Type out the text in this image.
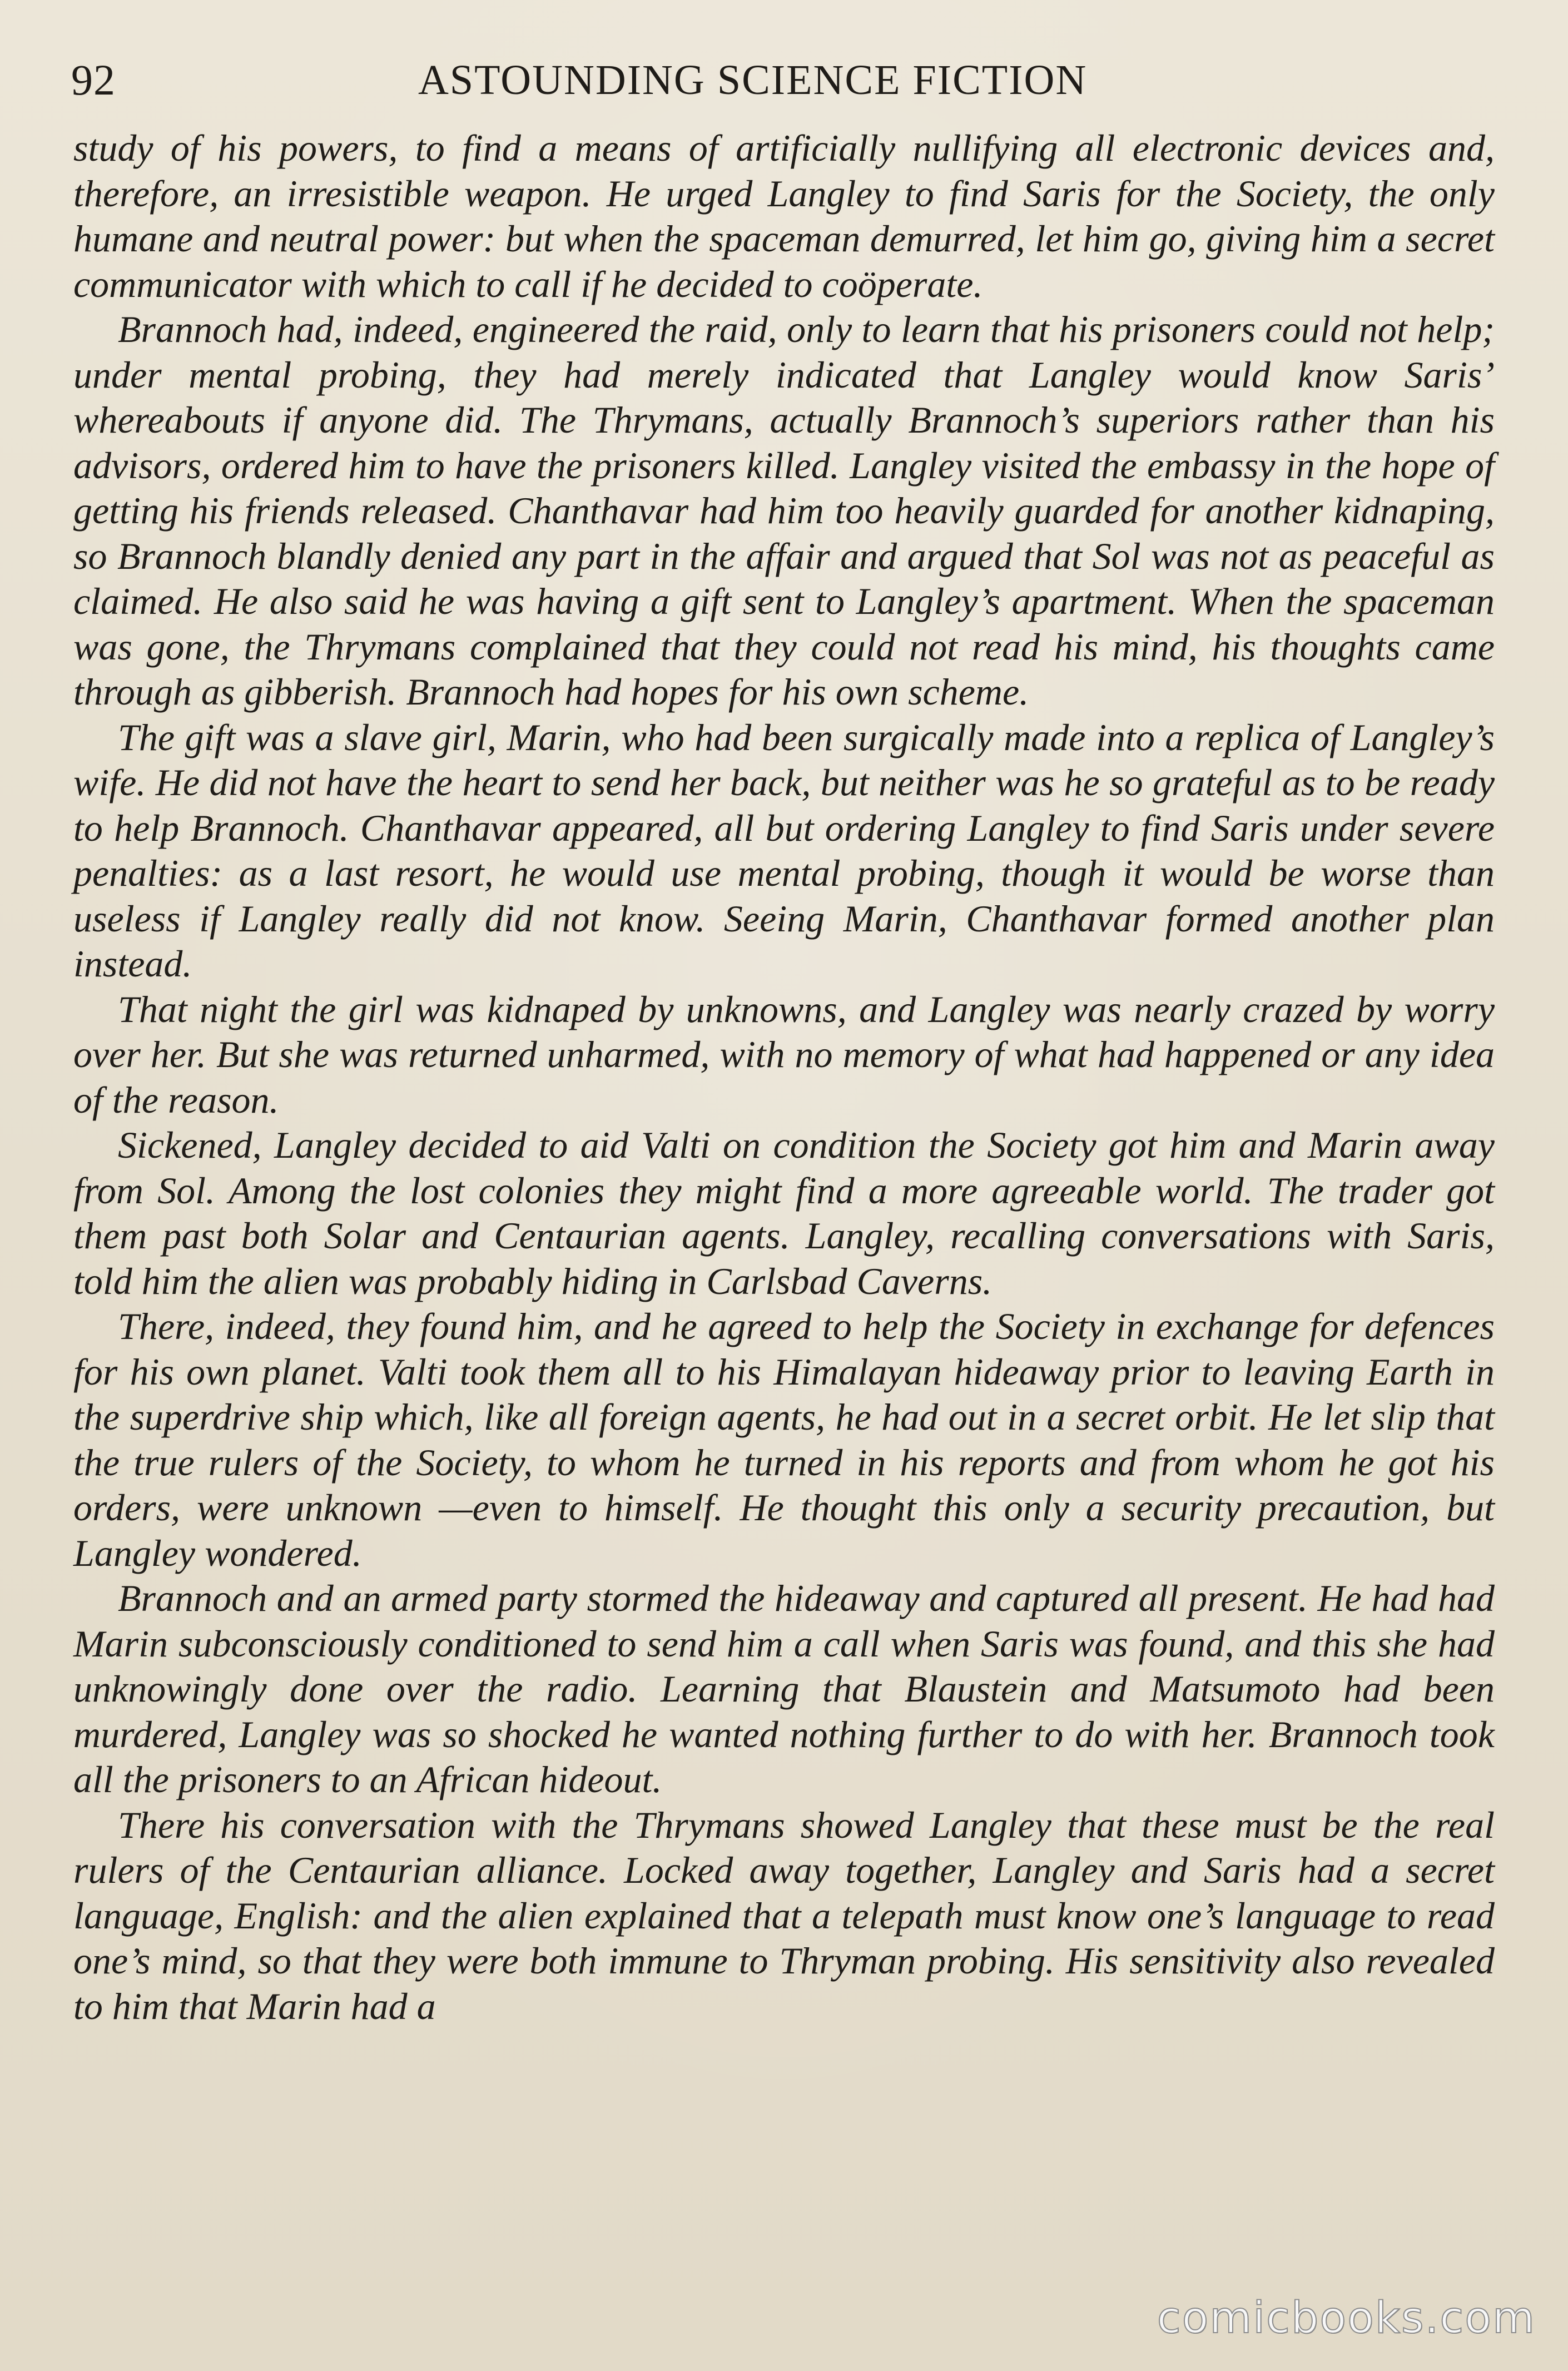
92	ASTOUNDING SCIENCE FICTION

study of his powers, to find a means of artificially nullifying all electronic devices and, therefore, an irresistible weapon. He urged Langley to find Saris for the Society, the only humane and neutral power: but when the spaceman demurred, let him go, giving him a secret communicator with which to call if he decided to coöperate.

Brannoch had, indeed, engineered the raid, only to learn that his prisoners could not help; under mental probing, they had merely indicated that Langley would know Saris’ whereabouts if anyone did. The Thrymans, actually Brannoch’s superiors rather than his advisors, ordered him to have the prisoners killed. Langley visited the embassy in the hope of getting his friends released. Chanthavar had him too heavily guarded for another kidnaping, so Brannoch blandly denied any part in the affair and argued that Sol was not as peaceful as claimed. He also said he was having a gift sent to Langley’s apartment. When the spaceman was gone, the Thrymans complained that they could not read his mind, his thoughts came through as gibberish. Brannoch had hopes for his own scheme.

The gift was a slave girl, Marin, who had been surgically made into a replica of Langley’s wife. He did not have the heart to send her back, but neither was he so grateful as to be ready to help Brannoch. Chanthavar appeared, all but ordering Langley to find Saris under severe penalties: as a last resort, he would use mental probing, though it would be worse than useless if Langley really did not know. Seeing Marin, Chanthavar formed another plan instead.

That night the girl was kidnaped by unknowns, and Langley was nearly crazed by worry over her. But she was returned unharmed, with no memory of what had happened or any idea of the reason.

Sickened, Langley decided to aid Valti on condition the Society got him and Marin away from Sol. Among the lost colonies they might find a more agreeable world. The trader got them past both Solar and Centaurian agents. Langley, recalling conversations with Saris, told him the alien was probably hiding in Carlsbad Caverns.

There, indeed, they found him, and he agreed to help the Society in exchange for defences for his own planet. Valti took them all to his Himalayan hideaway prior to leaving Earth in the superdrive ship which, like all foreign agents, he had out in a secret orbit. He let slip that the true rulers of the Society, to whom he turned in his reports and from whom he got his orders, were unknown —even to himself. He thought this only a security precaution, but Langley wondered.

Brannoch and an armed party stormed the hideaway and captured all present. He had had Marin subconsciously conditioned to send him a call when Saris was found, and this she had unknowingly done over the radio. Learning that Blaustein and Matsumoto had been murdered, Langley was so shocked he wanted nothing further to do with her. Brannoch took all the prisoners to an African hideout.

There his conversation with the Thrymans showed Langley that these must be the real rulers of the Centaurian alliance. Locked away together, Langley and Saris had a secret language, English: and the alien explained that a telepath must know one’s language to read one’s mind, so that they were both immune to Thryman probing. His sensitivity also revealed to him that Marin had a

comicbooks.com
